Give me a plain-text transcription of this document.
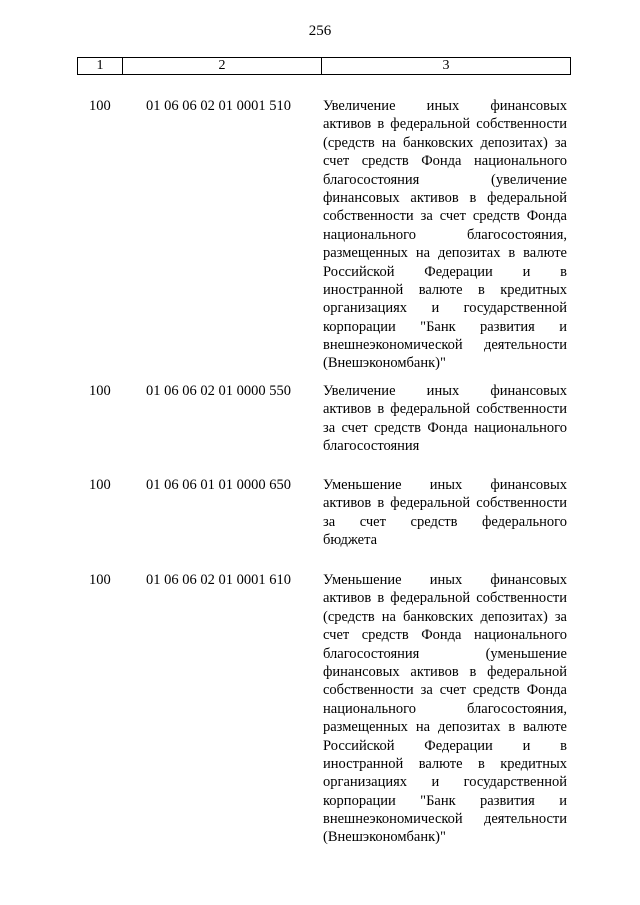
256
1	2	3
100 01 06 06 02 01 0001 510 Увеличение иных финансовых
активов в федеральной собственности
(средств на банковских депозитах) за
счет средств Фонда национального
благосостояния (увеличение
финансовых активов в федеральной
собственности за счет средств Фонда
национального благосостояния,
размещенных на депозитах в валюте
Российской Федерации и в
иностранной валюте в кредитных
организациях и государственной
корпорации "Банк развития и
внешнеэкономической деятельности
(Внешэкономбанк)"
100 01 06 06 02 01 0000 550 Увеличение иных финансовых
активов в федеральной собственности
за счет средств Фонда национального
благосостояния
100 01 06 06 01 01 0000 650 Уменьшение иных финансовых
активов в федеральной собственности
за счет средств федерального
бюджета
100 01 06 06 02 01 0001 610 Уменьшение иных финансовых
активов в федеральной собственности
(средств на банковских депозитах) за
счет средств Фонда национального
благосостояния (уменьшение
финансовых активов в федеральной
собственности за счет средств Фонда
национального благосостояния,
размещенных на депозитах в валюте
Российской Федерации и в
иностранной валюте в кредитных
организациях и государственной
корпорации "Банк развития и
внешнеэкономической деятельности
(Внешэкономбанк)"
